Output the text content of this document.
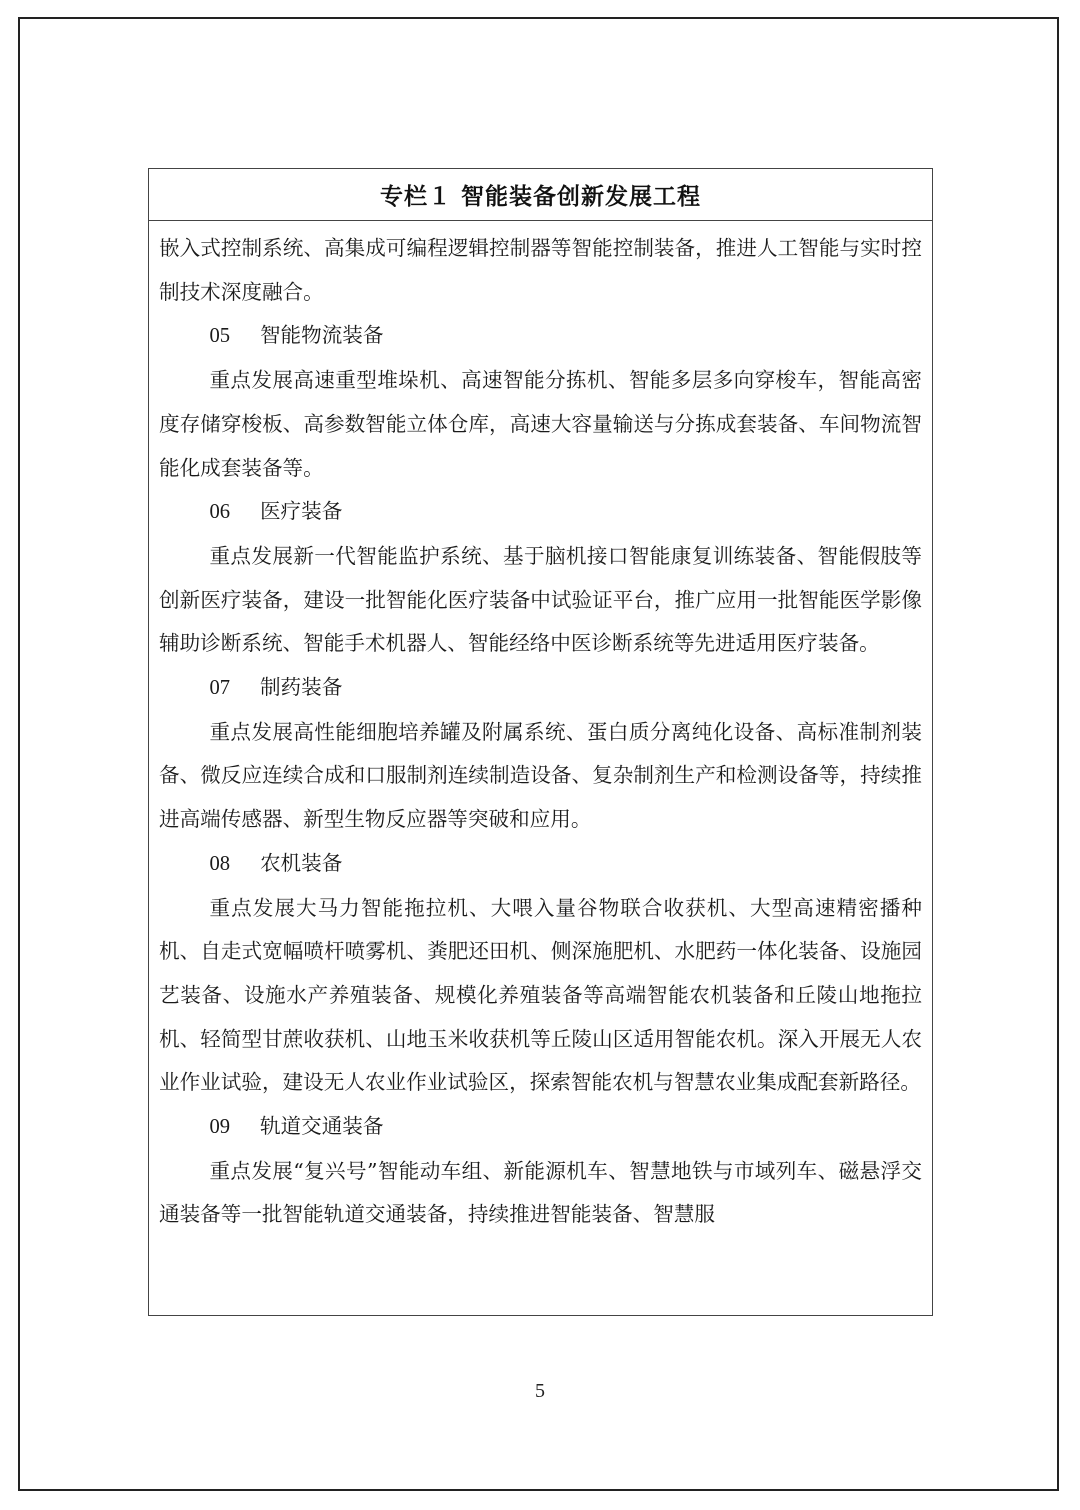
专栏１ 智能装备创新发展工程

嵌入式控制系统、高集成可编程逻辑控制器等智能控制装备，推进人工智能与实时控制技术深度融合。

05 智能物流装备

重点发展高速重型堆垛机、高速智能分拣机、智能多层多向穿梭车，智能高密度存储穿梭板、高参数智能立体仓库，高速大容量输送与分拣成套装备、车间物流智能化成套装备等。

06 医疗装备

重点发展新一代智能监护系统、基于脑机接口智能康复训练装备、智能假肢等创新医疗装备，建设一批智能化医疗装备中试验证平台，推广应用一批智能医学影像辅助诊断系统、智能手术机器人、智能经络中医诊断系统等先进适用医疗装备。

07 制药装备

重点发展高性能细胞培养罐及附属系统、蛋白质分离纯化设备、高标准制剂装备、微反应连续合成和口服制剂连续制造设备、复杂制剂生产和检测设备等，持续推进高端传感器、新型生物反应器等突破和应用。

08 农机装备

重点发展大马力智能拖拉机、大喂入量谷物联合收获机、大型高速精密播种机、自走式宽幅喷杆喷雾机、粪肥还田机、侧深施肥机、水肥药一体化装备、设施园艺装备、设施水产养殖装备、规模化养殖装备等高端智能农机装备和丘陵山地拖拉机、轻简型甘蔗收获机、山地玉米收获机等丘陵山区适用智能农机。深入开展无人农业作业试验，建设无人农业作业试验区，探索智能农机与智慧农业集成配套新路径。

09 轨道交通装备

重点发展“复兴号”智能动车组、新能源机车、智慧地铁与市域列车、磁悬浮交通装备等一批智能轨道交通装备，持续推进智能装备、智慧服

5
